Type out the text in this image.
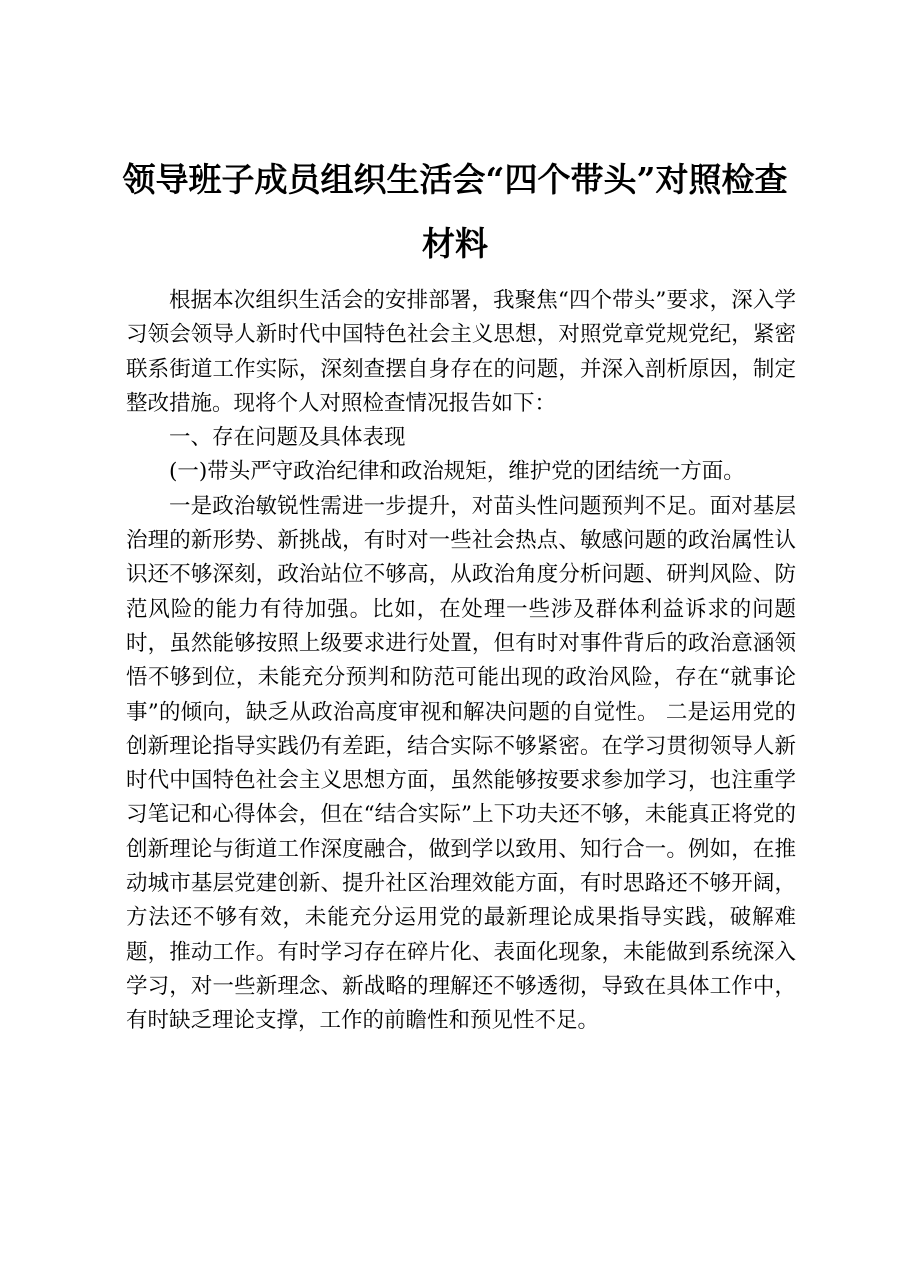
领导班子成员组织生活会“四个带头”对照检查材料

根据本次组织生活会的安排部署，我聚焦“四个带头”要求，深入学习领会领导人新时代中国特色社会主义思想，对照党章党规党纪，紧密联系街道工作实际，深刻查摆自身存在的问题，并深入剖析原因，制定整改措施。现将个人对照检查情况报告如下：

一、存在问题及具体表现

(一)带头严守政治纪律和政治规矩，维护党的团结统一方面。

一是政治敏锐性需进一步提升，对苗头性问题预判不足。面对基层治理的新形势、新挑战，有时对一些社会热点、敏感问题的政治属性认识还不够深刻，政治站位不够高，从政治角度分析问题、研判风险、防范风险的能力有待加强。比如，在处理一些涉及群体利益诉求的问题时，虽然能够按照上级要求进行处置，但有时对事件背后的政治意涵领悟不够到位，未能充分预判和防范可能出现的政治风险，存在“就事论事”的倾向，缺乏从政治高度审视和解决问题的自觉性。 二是运用党的创新理论指导实践仍有差距，结合实际不够紧密。在学习贯彻领导人新时代中国特色社会主义思想方面，虽然能够按要求参加学习，也注重学习笔记和心得体会，但在“结合实际”上下功夫还不够，未能真正将党的创新理论与街道工作深度融合，做到学以致用、知行合一。例如，在推动城市基层党建创新、提升社区治理效能方面，有时思路还不够开阔，方法还不够有效，未能充分运用党的最新理论成果指导实践，破解难题，推动工作。有时学习存在碎片化、表面化现象，未能做到系统深入学习，对一些新理念、新战略的理解还不够透彻，导致在具体工作中，有时缺乏理论支撑，工作的前瞻性和预见性不足。
